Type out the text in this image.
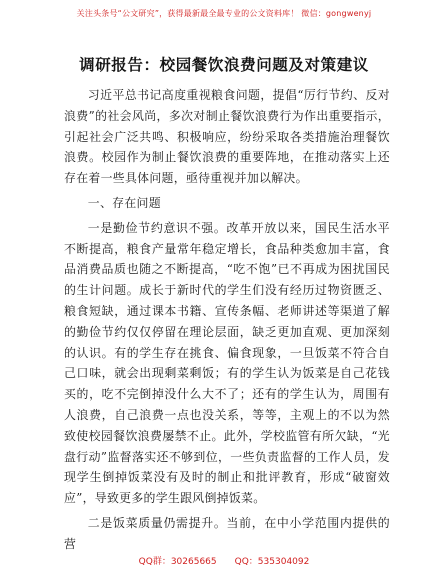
关注头条号“公文研究”，获得最新最全最专业的公文资料库！ 微信：gongwenyj
调研报告：校园餐饮浪费问题及对策建议

习近平总书记高度重视粮食问题，提倡“厉行节约、反对浪费”的社会风尚，多次对制止餐饮浪费行为作出重要指示，引起社会广泛共鸣、积极响应，纷纷采取各类措施治理餐饮浪费。校园作为制止餐饮浪费的重要阵地，在推动落实上还存在着一些具体问题，亟待重视并加以解决。

一、存在问题

一是勤俭节约意识不强。改革开放以来，国民生活水平不断提高，粮食产量常年稳定增长，食品种类愈加丰富，食品消费品质也随之不断提高，“吃不饱”已不再成为困扰国民的生计问题。成长于新时代的学生们没有经历过物资匮乏、粮食短缺，通过课本书籍、宣传条幅、老师讲述等渠道了解的勤俭节约仅仅停留在理论层面，缺乏更加直观、更加深刻的认识。有的学生存在挑食、偏食现象，一旦饭菜不符合自己口味，就会出现剩菜剩饭；有的学生认为饭菜是自己花钱买的，吃不完倒掉没什么大不了；还有的学生认为，周围有人浪费，自己浪费一点也没关系，等等，主观上的不以为然致使校园餐饮浪费屡禁不止。此外，学校监管有所欠缺，“光盘行动”监督落实还不够到位，一些负责监督的工作人员，发现学生倒掉饭菜没有及时的制止和批评教育，形成“破窗效应”，导致更多的学生跟风倒掉饭菜。

二是饭菜质量仍需提升。当前，在中小学范围内提供的营

QQ群：30265665 QQ：535304092
